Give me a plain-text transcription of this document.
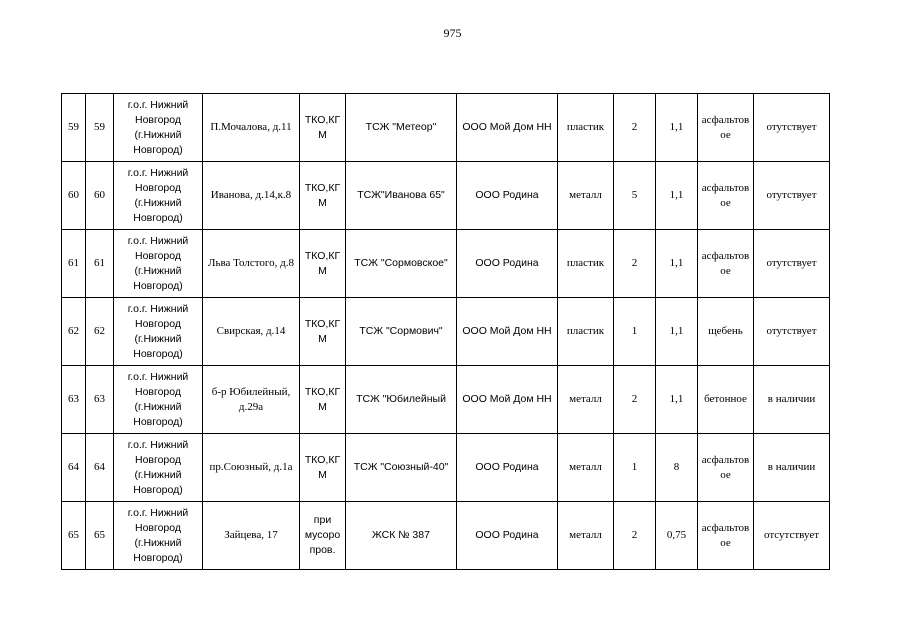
975
59	59	г.о.г. Нижний Новгород (г.Нижний Новгород)	П.Мочалова, д.11	ТКО,КГМ	ТСЖ "Метеор"	ООО Мой Дом НН	пластик	2	1,1	асфальтовое	отутствует
60	60	г.о.г. Нижний Новгород (г.Нижний Новгород)	Иванова, д.14,к.8	ТКО,КГМ	ТСЖ"Иванова 65"	ООО Родина	металл	5	1,1	асфальтовое	отутствует
61	61	г.о.г. Нижний Новгород (г.Нижний Новгород)	Льва Толстого, д.8	ТКО,КГМ	ТСЖ "Сормовское"	ООО Родина	пластик	2	1,1	асфальтовое	отутствует
62	62	г.о.г. Нижний Новгород (г.Нижний Новгород)	Свирская, д.14	ТКО,КГМ	ТСЖ "Сормович"	ООО Мой Дом НН	пластик	1	1,1	щебень	отутствует
63	63	г.о.г. Нижний Новгород (г.Нижний Новгород)	б-р Юбилейный, д.29а	ТКО,КГМ	ТСЖ "Юбилейный	ООО Мой Дом НН	металл	2	1,1	бетонное	в наличии
64	64	г.о.г. Нижний Новгород (г.Нижний Новгород)	пр.Союзный, д.1а	ТКО,КГМ	ТСЖ "Союзный-40"	ООО Родина	металл	1	8	асфальтовое	в наличии
65	65	г.о.г. Нижний Новгород (г.Нижний Новгород)	Зайцева, 17	при мусоро пров.	ЖСК № 387	ООО Родина	металл	2	0,75	асфальтовое	отсутствует
